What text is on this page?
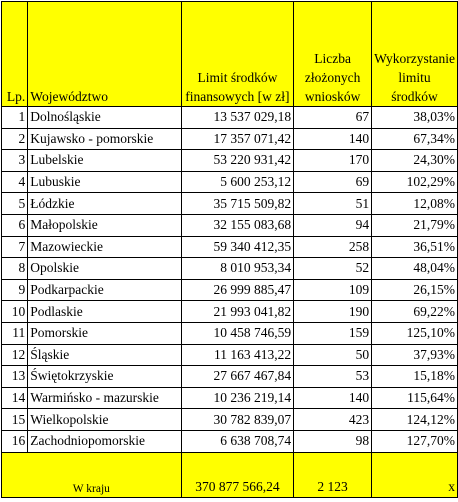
Lp.	Województwo	Limit środków finansowych [w zł]	Liczba złożonych wniosków	Wykorzystanie limitu środków
1	Dolnośląskie	13 537 029,18	67	38,03%
2	Kujawsko - pomorskie	17 357 071,42	140	67,34%
3	Lubelskie	53 220 931,42	170	24,30%
4	Lubuskie	5 600 253,12	69	102,29%
5	Łódzkie	35 715 509,82	51	12,08%
6	Małopolskie	32 155 083,68	94	21,79%
7	Mazowieckie	59 340 412,35	258	36,51%
8	Opolskie	8 010 953,34	52	48,04%
9	Podkarpackie	26 999 885,47	109	26,15%
10	Podlaskie	21 993 041,82	190	69,22%
11	Pomorskie	10 458 746,59	159	125,10%
12	Śląskie	11 163 413,22	50	37,93%
13	Świętokrzyskie	27 667 467,84	53	15,18%
14	Warmińsko - mazurskie	10 236 219,14	140	115,64%
15	Wielkopolskie	30 782 839,07	423	124,12%
16	Zachodniopomorskie	6 638 708,74	98	127,70%
W kraju		370 877 566,24	2 123	x
